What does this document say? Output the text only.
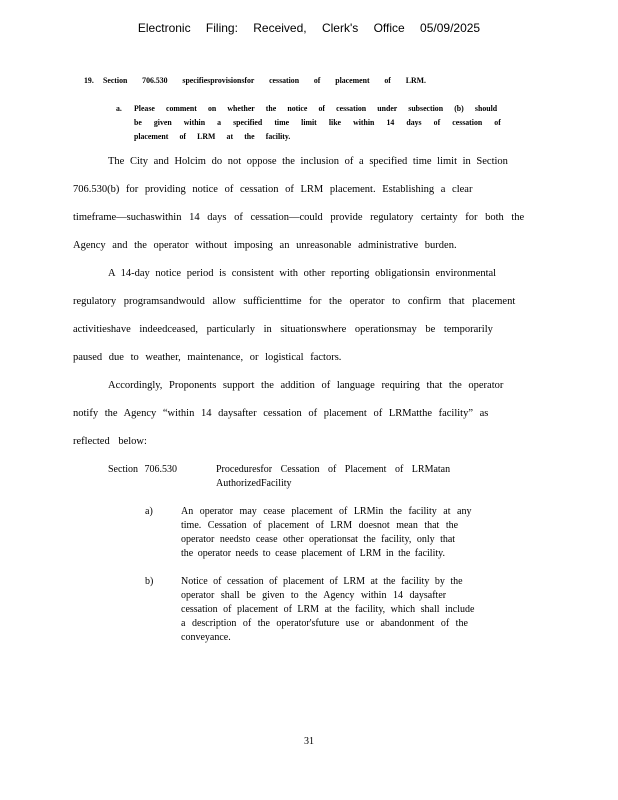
Electronic Filing: Received, Clerk's Office 05/09/2025
19. Section 706.530 specifiesprovisionsfor cessation of placement of LRM.
a. Please comment on whether the notice of cessation under subsection (b) should
be given within a specified time limit like within 14 days of cessation of
placement of LRM at the facility.
The City and Holcim do not oppose the inclusion of a specified time limit in Section
706.530(b) for providing notice of cessation of LRM placement. Establishing a clear
timeframe—suchaswithin 14 days of cessation—could provide regulatory certainty for both the
Agency and the operator without imposing an unreasonable administrative burden.
A 14-day notice period is consistent with other reporting obligationsin environmental
regulatory programsandwould allow sufficienttime for the operator to confirm that placement
activitieshave indeedceased, particularly in situationswhere operationsmay be temporarily
paused due to weather, maintenance, or logistical factors.
Accordingly, Proponents support the addition of language requiring that the operator
notify the Agency “within 14 daysafter cessation of placement of LRMatthe facility” as
reflected below:
Section 706.530	Proceduresfor Cessation of Placement of LRMatan
AuthorizedFacility
a)	An operator may cease placement of LRMin the facility at any
time. Cessation of placement of LRM doesnot mean that the
operator needsto cease other operationsat the facility, only that
the operator needs to cease placement of LRM in the facility.
b)	Notice of cessation of placement of LRM at the facility by the
operator shall be given to the Agency within 14 daysafter
cessation of placement of LRM at the facility, which shall include
a description of the operator'sfuture use or abandonment of the
conveyance.
31
